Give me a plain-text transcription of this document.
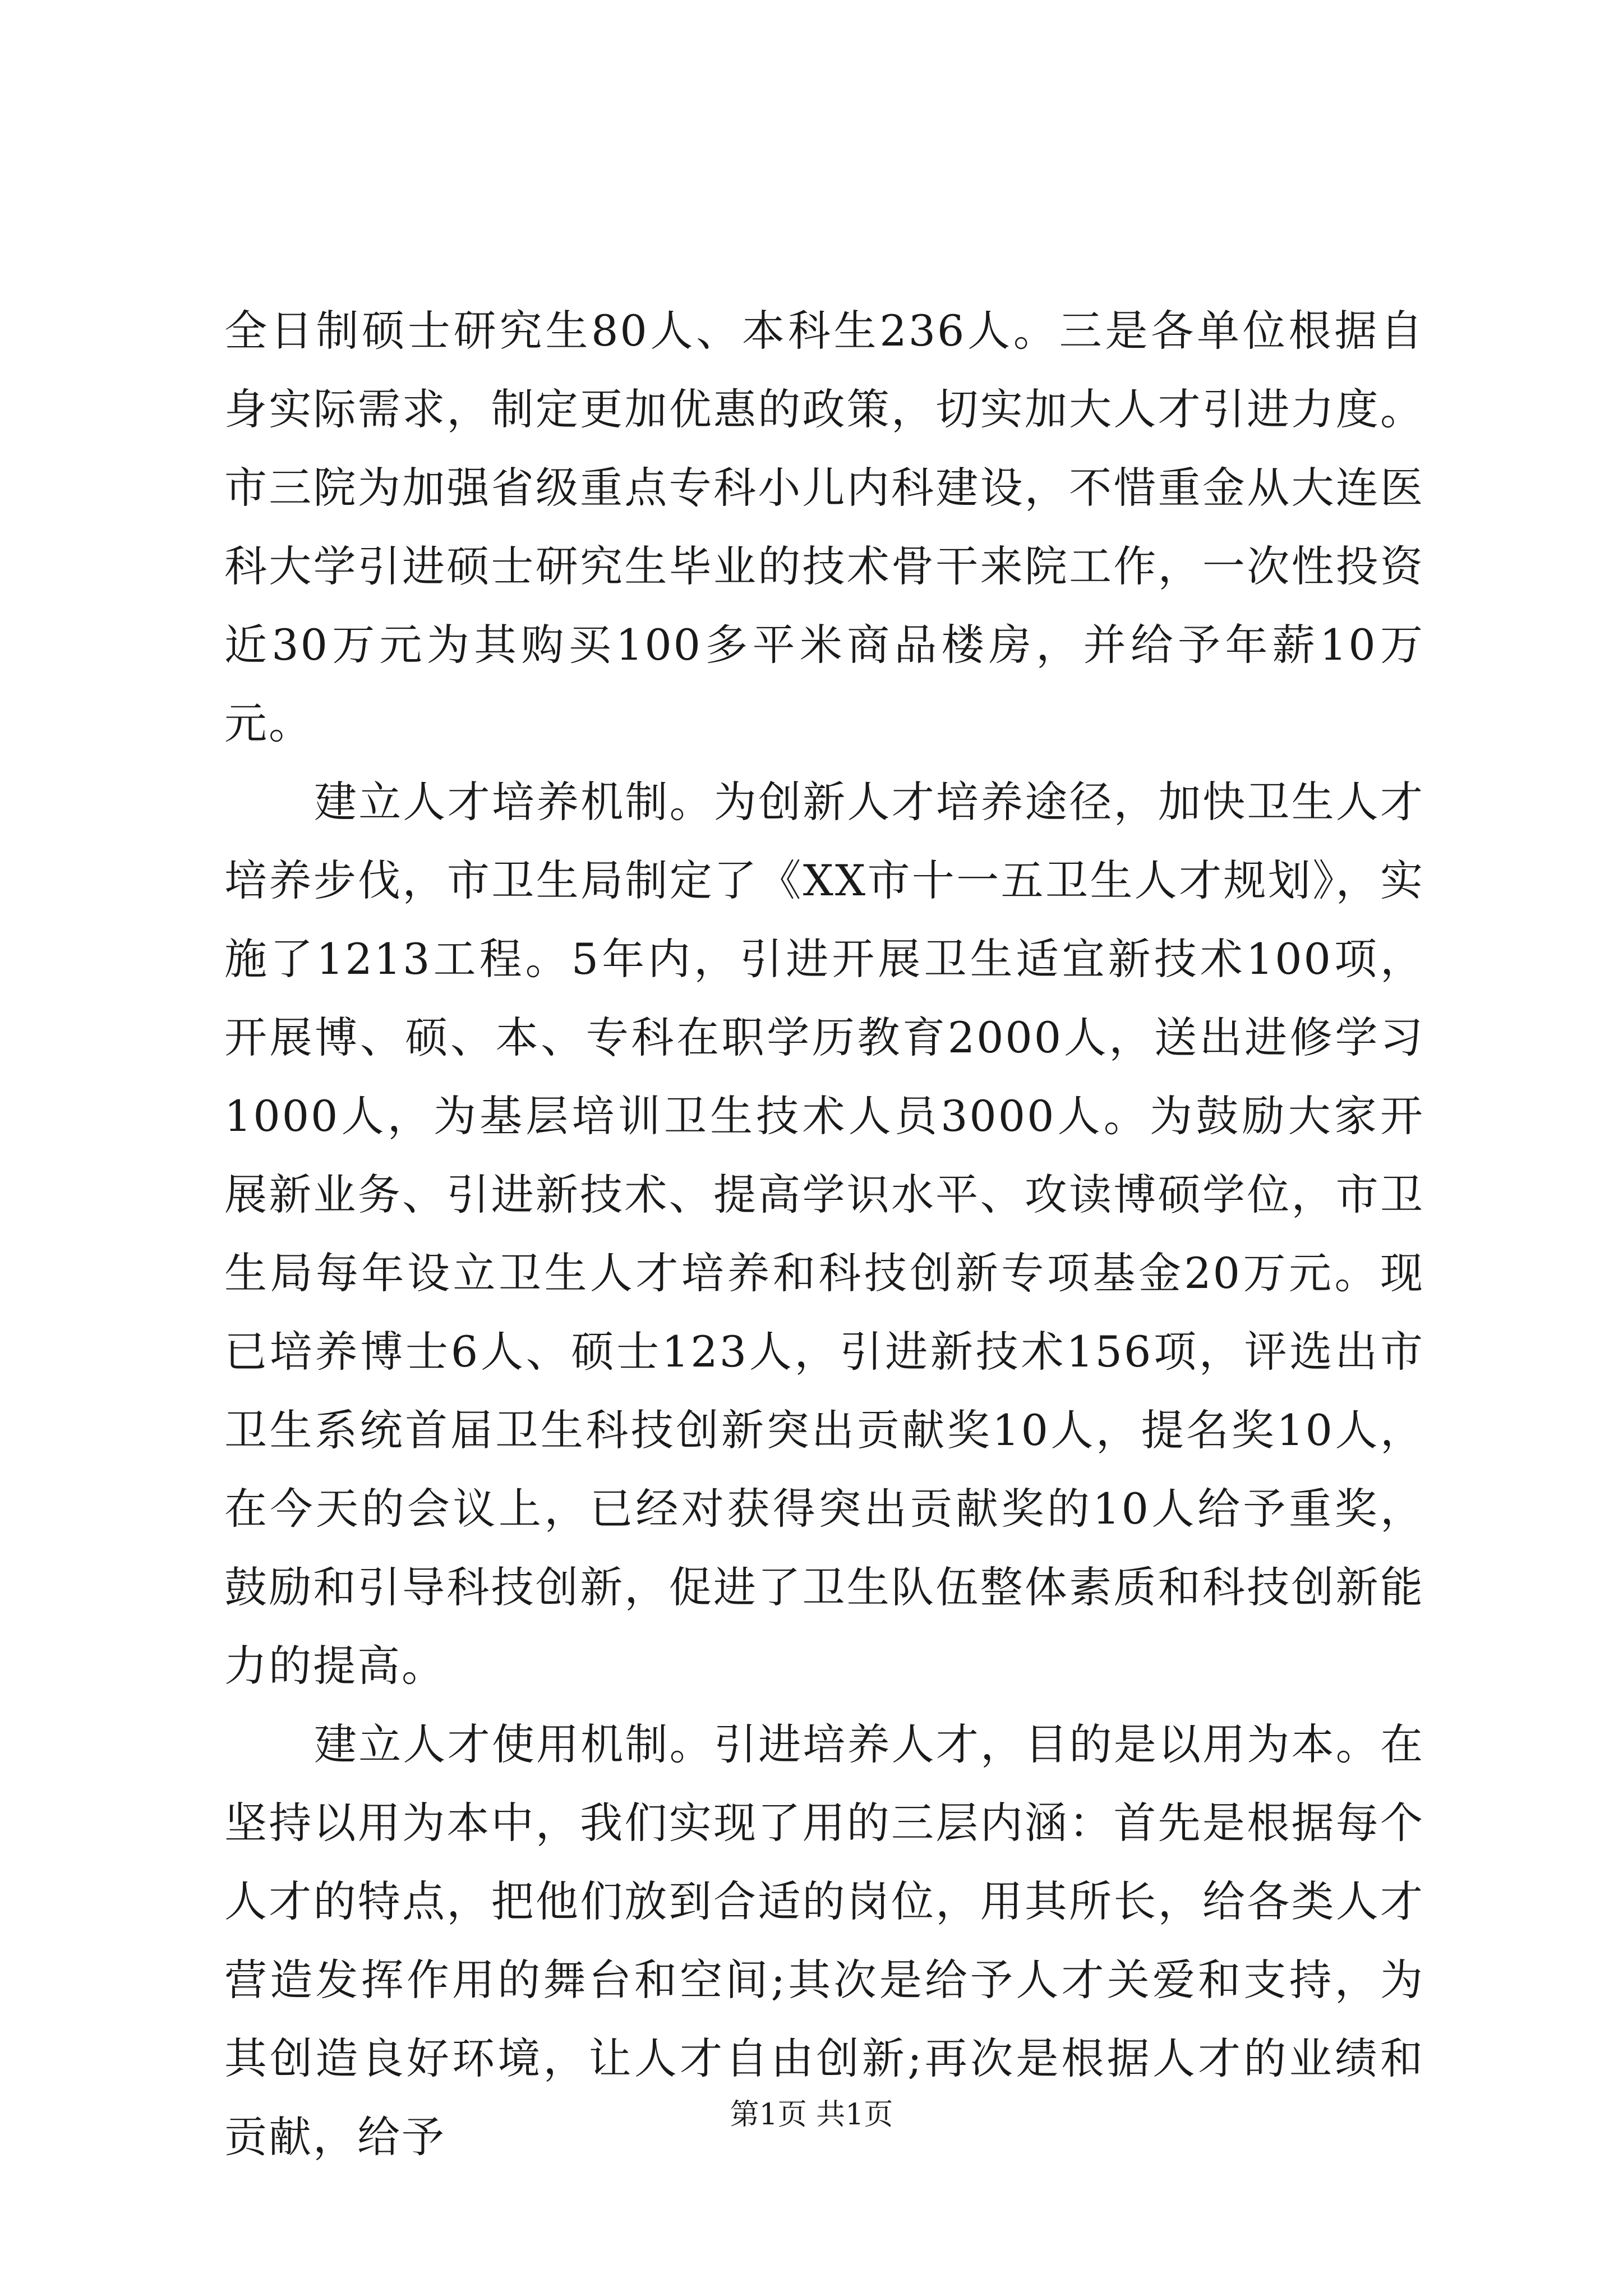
全日制硕士研究生80人、本科生236人。三是各单位根据自身实际需求，制定更加优惠的政策，切实加大人才引进力度。市三院为加强省级重点专科小儿内科建设，不惜重金从大连医科大学引进硕士研究生毕业的技术骨干来院工作，一次性投资近30万元为其购买100多平米商品楼房，并给予年薪10万元。

建立人才培养机制。为创新人才培养途径，加快卫生人才培养步伐，市卫生局制定了《XX市十一五卫生人才规划》，实施了1213工程。5年内，引进开展卫生适宜新技术100项，开展博、硕、本、专科在职学历教育2000人，送出进修学习1000人，为基层培训卫生技术人员3000人。为鼓励大家开展新业务、引进新技术、提高学识水平、攻读博硕学位，市卫生局每年设立卫生人才培养和科技创新专项基金20万元。现已培养博士6人、硕士123人，引进新技术156项，评选出市卫生系统首届卫生科技创新突出贡献奖10人，提名奖10人，在今天的会议上，已经对获得突出贡献奖的10人给予重奖，鼓励和引导科技创新，促进了卫生队伍整体素质和科技创新能力的提高。

建立人才使用机制。引进培养人才，目的是以用为本。在坚持以用为本中，我们实现了用的三层内涵：首先是根据每个人才的特点，把他们放到合适的岗位，用其所长，给各类人才营造发挥作用的舞台和空间;其次是给予人才关爱和支持，为其创造良好环境，让人才自由创新;再次是根据人才的业绩和贡献，给予	第1页 共1页
